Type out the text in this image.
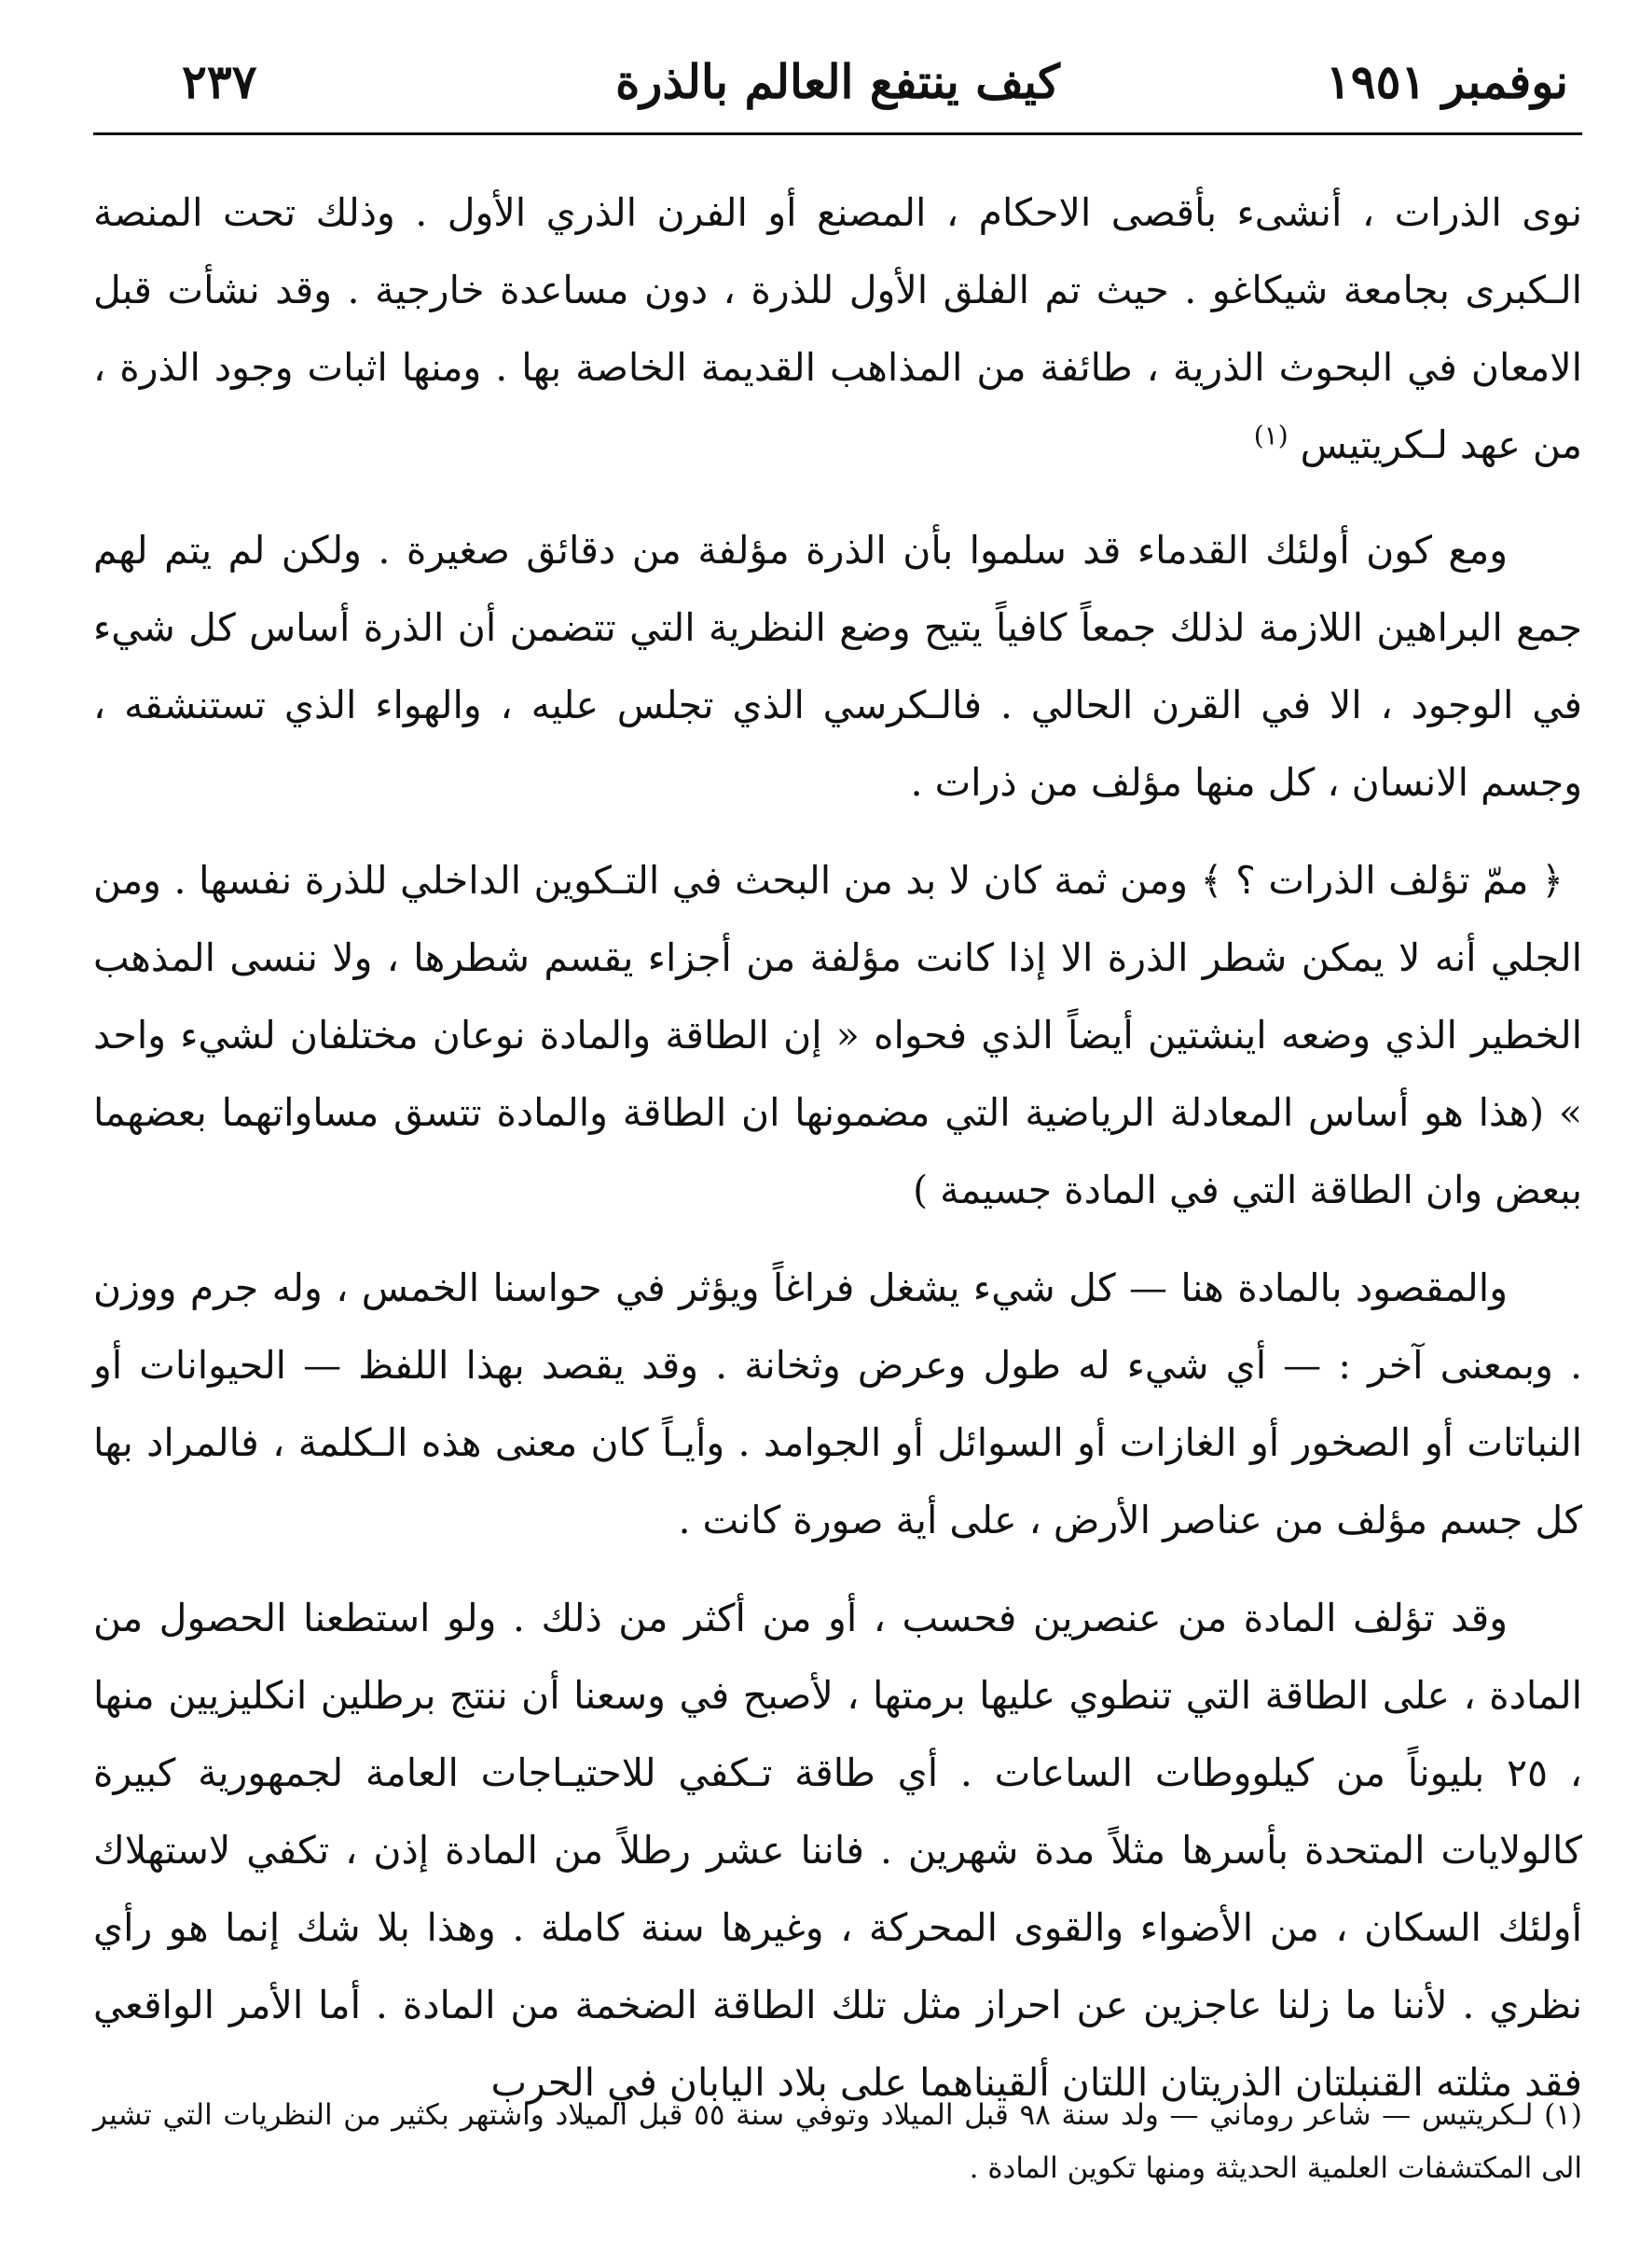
نوفمبر ١٩٥١
كيف ينتفع العالم بالذرة
٢٣٧

نوى الذرات ، أنشىء بأقصى الاحكام ، المصنع أو الفرن الذري الأول . وذلك تحت المنصة الـكبرى بجامعة شيكاغو . حيث تم الفلق الأول للذرة ، دون مساعدة خارجية . وقد نشأت قبل الامعان في البحوث الذرية ، طائفة من المذاهب القديمة الخاصة بها . ومنها اثبات وجود الذرة ، من عهد لـكريتيس $^{(١)}$

ومع كون أولئك القدماء قد سلموا بأن الذرة مؤلفة من دقائق صغيرة . ولكن لم يتم لهم جمع البراهين اللازمة لذلك جمعاً كافياً يتيح وضع النظرية التي تتضمن أن الذرة أساس كل شيء في الوجود ، الا في القرن الحالي . فالـكرسي الذي تجلس عليه ، والهواء الذي تستنشقه ، وجسم الانسان ، كل منها مؤلف من ذرات .

﴿ ممّ تؤلف الذرات ؟ ﴾ ومن ثمة كان لا بد من البحث في التـكوين الداخلي للذرة نفسها . ومن الجلي أنه لا يمكن شطر الذرة الا إذا كانت مؤلفة من أجزاء يقسم شطرها ، ولا ننسى المذهب الخطير الذي وضعه اينشتين أيضاً الذي فحواه « إن الطاقة والمادة نوعان مختلفان لشيء واحد » (هذا هو أساس المعادلة الرياضية التي مضمونها ان الطاقة والمادة تتسق مساواتهما بعضهما ببعض وان الطاقة التي في المادة جسيمة )

والمقصود بالمادة هنا — كل شيء يشغل فراغاً ويؤثر في حواسنا الخمس ، وله جرم ووزن . وبمعنى آخر : — أي شيء له طول وعرض وثخانة . وقد يقصد بهذا اللفظ — الحيوانات أو النباتات أو الصخور أو الغازات أو السوائل أو الجوامد . وأيـاً كان معنى هذه الـكلمة ، فالمراد بها كل جسم مؤلف من عناصر الأرض ، على أية صورة كانت .

وقد تؤلف المادة من عنصرين فحسب ، أو من أكثر من ذلك . ولو استطعنا الحصول من المادة ، على الطاقة التي تنطوي عليها برمتها ، لأصبح في وسعنا أن ننتج برطلين انكليزيين منها ، ٢٥ بليوناً من كيلووطات الساعات . أي طاقة تـكفي للاحتيـاجات العامة لجمهورية كبيرة كالولايات المتحدة بأسرها مثلاً مدة شهرين . فاننا عشر رطلاً من المادة إذن ، تكفي لاستهلاك أولئك السكان ، من الأضواء والقوى المحركة ، وغيرها سنة كاملة . وهذا بلا شك إنما هو رأي نظري . لأننا ما زلنا عاجزين عن احراز مثل تلك الطاقة الضخمة من المادة . أما الأمر الواقعي فقد مثلته القنبلتان الذريتان اللتان ألقيناهما على بلاد اليابان في الحرب

(١) لـكريتيس — شاعر روماني — ولد سنة ٩٨ قبل الميلاد وتوفي سنة ٥٥ قبل الميلاد واشتهر بكثير من النظريات التي تشير الى المكتشفات العلمية الحديثة ومنها تكوين المادة .
